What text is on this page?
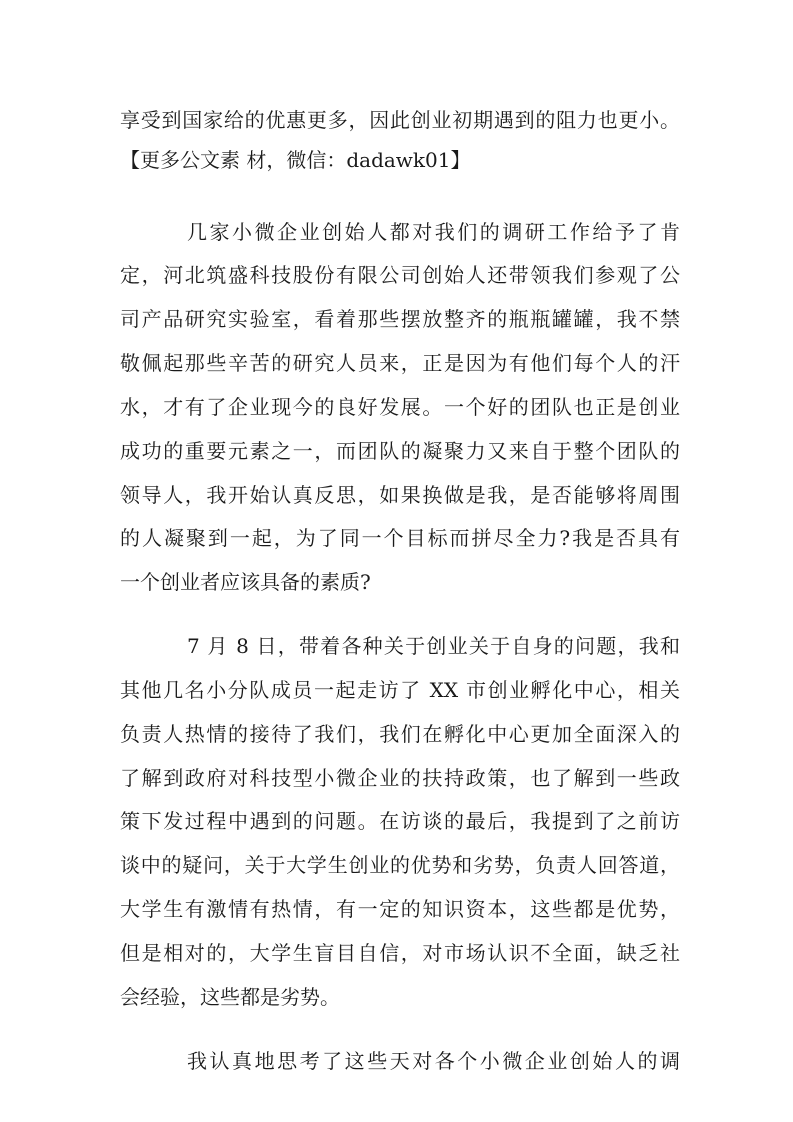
享受到国家给的优惠更多，因此创业初期遇到的阻力也更小。
【更多公文素 材，微信：dadawk01】
几家小微企业创始人都对我们的调研工作给予了肯
定，河北筑盛科技股份有限公司创始人还带领我们参观了公
司产品研究实验室，看着那些摆放整齐的瓶瓶罐罐，我不禁
敬佩起那些辛苦的研究人员来，正是因为有他们每个人的汗
水，才有了企业现今的良好发展。一个好的团队也正是创业
成功的重要元素之一，而团队的凝聚力又来自于整个团队的
领导人，我开始认真反思，如果换做是我，是否能够将周围
的人凝聚到一起，为了同一个目标而拼尽全力?我是否具有
一个创业者应该具备的素质?
7 月 8 日，带着各种关于创业关于自身的问题，我和
其他几名小分队成员一起走访了 XX 市创业孵化中心，相关
负责人热情的接待了我们，我们在孵化中心更加全面深入的
了解到政府对科技型小微企业的扶持政策，也了解到一些政
策下发过程中遇到的问题。在访谈的最后，我提到了之前访
谈中的疑问，关于大学生创业的优势和劣势，负责人回答道，
大学生有激情有热情，有一定的知识资本，这些都是优势，
但是相对的，大学生盲目自信，对市场认识不全面，缺乏社
会经验，这些都是劣势。
我认真地思考了这些天对各个小微企业创始人的调
